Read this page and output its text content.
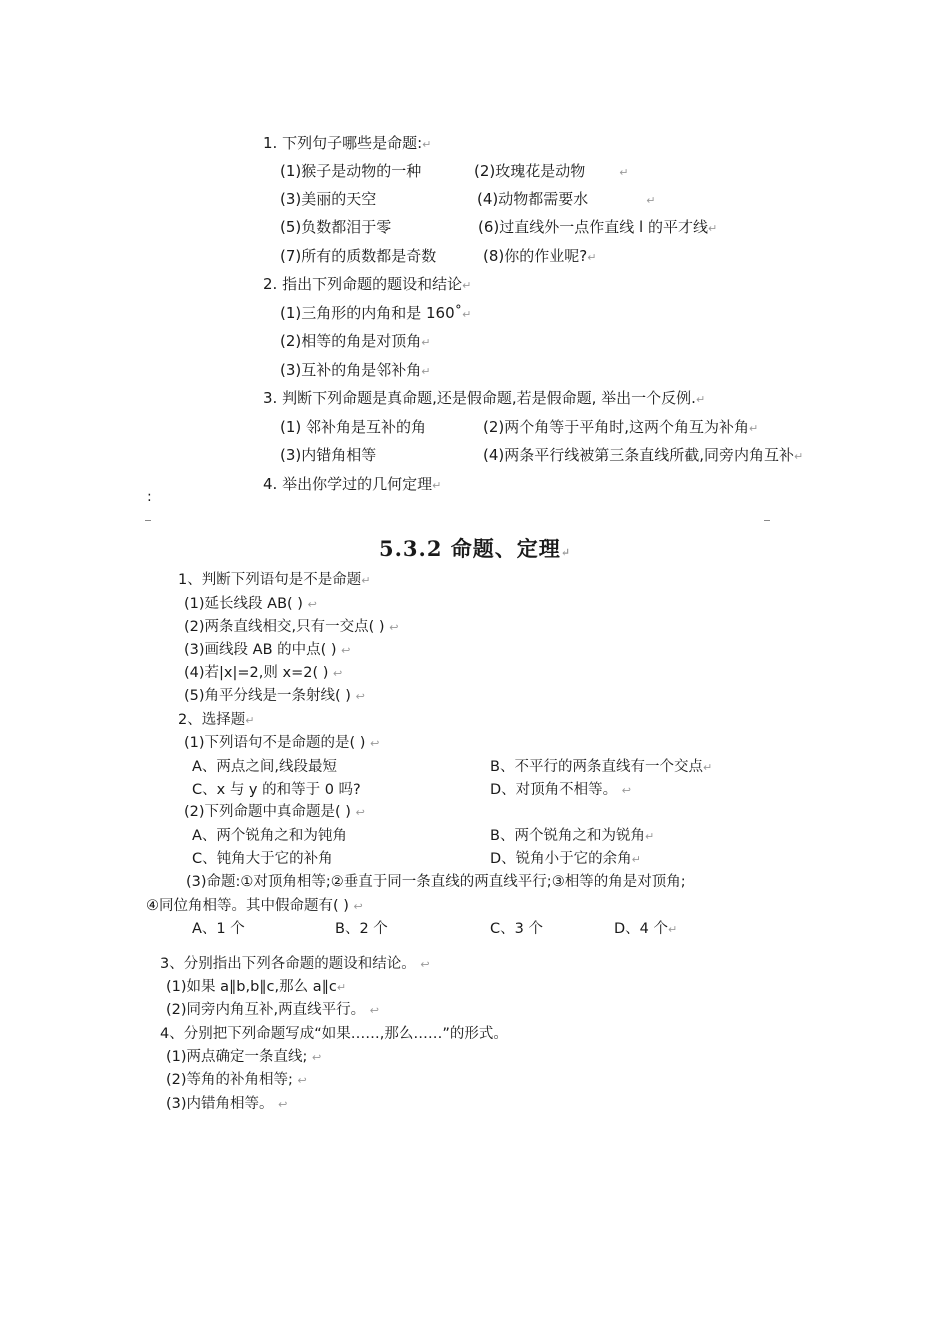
1. 下列句子哪些是命题:↵
(1)猴子是动物的一种	(2)玫瑰花是动物	↵
(3)美丽的天空	(4)动物都需要水	↵
(5)负数都泪于零	(6)过直线外一点作直线 l 的平才线↵
(7)所有的质数都是奇数	(8)你的作业呢?↵
2. 指出下列命题的题设和结论↵
(1)三角形的内角和是 160˚↵
(2)相等的角是对顶角↵
(3)互补的角是邻补角↵
3. 判断下列命题是真命题,还是假命题,若是假命题, 举出一个反例.↵
(1) 邻补角是互补的角	(2)两个角等于平角时,这两个角互为补角↵
(3)内错角相等	(4)两条平行线被第三条直线所截,同旁内角互补↵
4. 举出你学过的几何定理↵
:
5.3.2 命题、定理↵
1、判断下列语句是不是命题↵
(1)延长线段 AB( ) ↩
(2)两条直线相交,只有一交点( ) ↩
(3)画线段 AB 的中点( ) ↩
(4)若|x|=2,则 x=2( ) ↩
(5)角平分线是一条射线( ) ↩
2、选择题↵
(1)下列语句不是命题的是( ) ↩
A、两点之间,线段最短	B、不平行的两条直线有一个交点↵
C、x 与 y 的和等于 0 吗?	D、对顶角不相等。 ↩
(2)下列命题中真命题是( ) ↩
A、两个锐角之和为钝角	B、两个锐角之和为锐角↵
C、钝角大于它的补角	D、锐角小于它的余角↵
(3)命题:①对顶角相等;②垂直于同一条直线的两直线平行;③相等的角是对顶角;
④同位角相等。其中假命题有( ) ↩
A、1 个	B、2 个	C、3 个	D、4 个↵
3、分别指出下列各命题的题设和结论。 ↩
(1)如果 a∥b,b∥c,那么 a∥c↵
(2)同旁内角互补,两直线平行。 ↩
4、分别把下列命题写成“如果……,那么……”的形式。
(1)两点确定一条直线; ↩
(2)等角的补角相等; ↩
(3)内错角相等。 ↩
